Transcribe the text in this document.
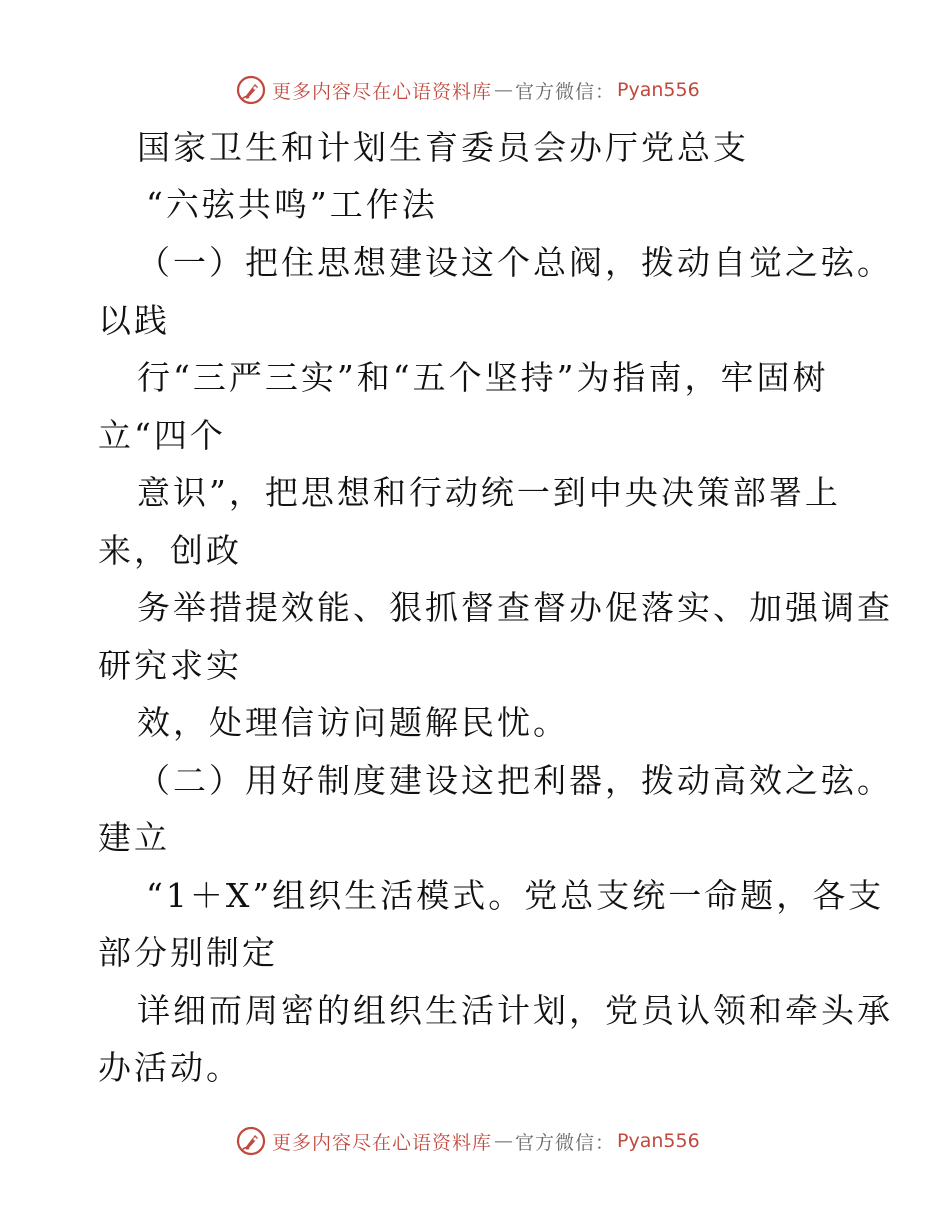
更多内容尽在心语资料库 — 官方微信： Pyan556
国家卫生和计划生育委员会办厅党总支
“六弦共鸣”工作法
（一）把住思想建设这个总阀，拨动自觉之弦。
以践
行“三严三实”和“五个坚持”为指南，牢固树
立“四个
意识”，把思想和行动统一到中央决策部署上
来，创政
务举措提效能、狠抓督查督办促落实、加强调查
研究求实
效，处理信访问题解民忧。
（二）用好制度建设这把利器，拨动高效之弦。
建立
“1＋X”组织生活模式。党总支统一命题，各支
部分别制定
详细而周密的组织生活计划，党员认领和牵头承
办活动。
更多内容尽在心语资料库 — 官方微信： Pyan556
